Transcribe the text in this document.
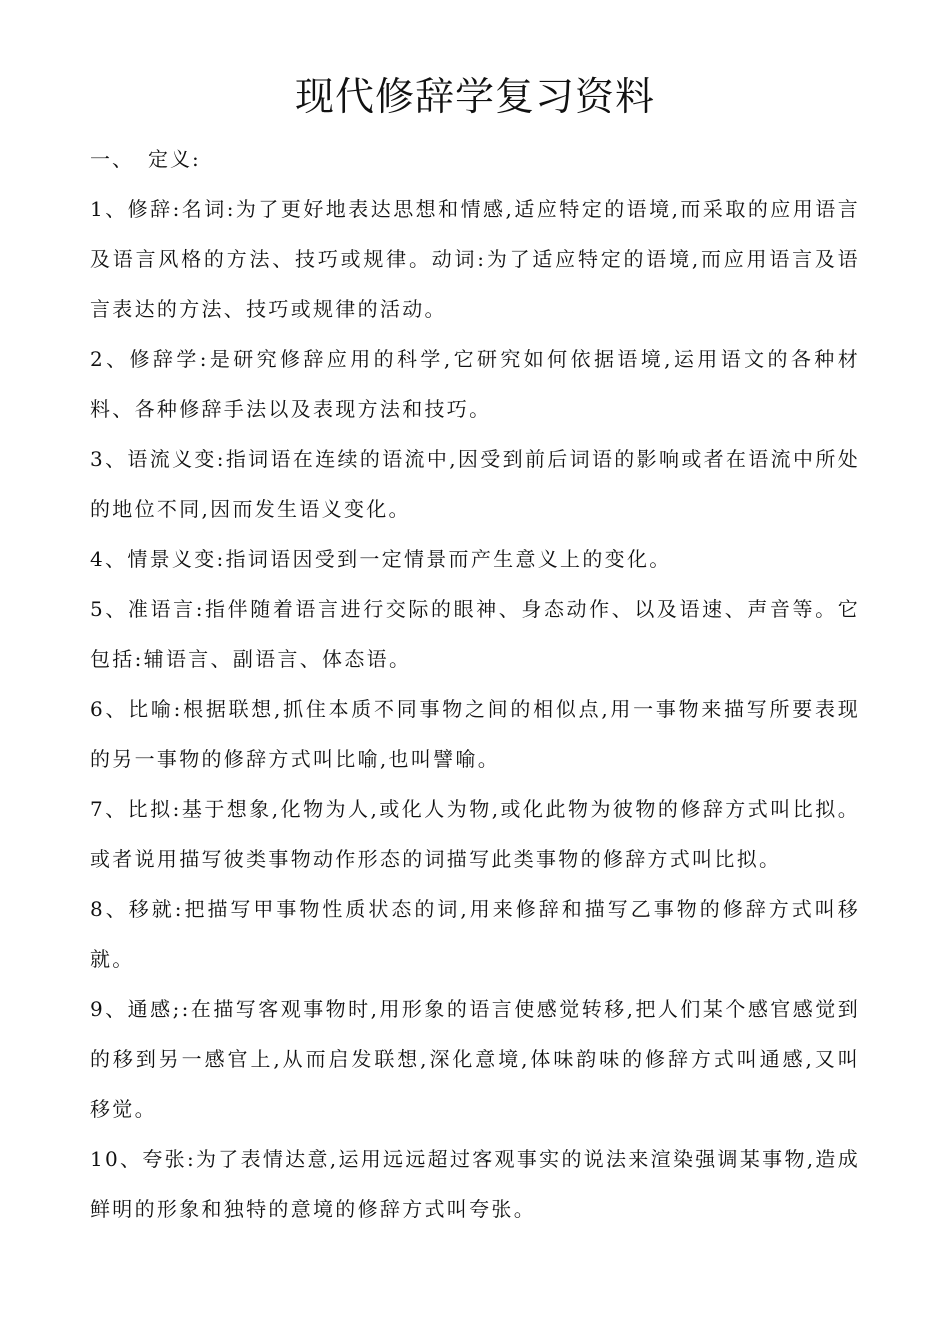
现代修辞学复习资料

一、 定义:

1、修辞:名词:为了更好地表达思想和情感,适应特定的语境,而采取的应用语言及语言风格的方法、技巧或规律。动词:为了适应特定的语境,而应用语言及语言表达的方法、技巧或规律的活动。

2、修辞学:是研究修辞应用的科学,它研究如何依据语境,运用语文的各种材料、各种修辞手法以及表现方法和技巧。

3、语流义变:指词语在连续的语流中,因受到前后词语的影响或者在语流中所处的地位不同,因而发生语义变化。

4、情景义变:指词语因受到一定情景而产生意义上的变化。

5、准语言:指伴随着语言进行交际的眼神、身态动作、以及语速、声音等。它包括:辅语言、副语言、体态语。

6、比喻:根据联想,抓住本质不同事物之间的相似点,用一事物来描写所要表现的另一事物的修辞方式叫比喻,也叫譬喻。

7、比拟:基于想象,化物为人,或化人为物,或化此物为彼物的修辞方式叫比拟。或者说用描写彼类事物动作形态的词描写此类事物的修辞方式叫比拟。

8、移就:把描写甲事物性质状态的词,用来修辞和描写乙事物的修辞方式叫移就。

9、通感;:在描写客观事物时,用形象的语言使感觉转移,把人们某个感官感觉到的移到另一感官上,从而启发联想,深化意境,体味韵味的修辞方式叫通感,又叫移觉。

10、夸张:为了表情达意,运用远远超过客观事实的说法来渲染强调某事物,造成鲜明的形象和独特的意境的修辞方式叫夸张。
